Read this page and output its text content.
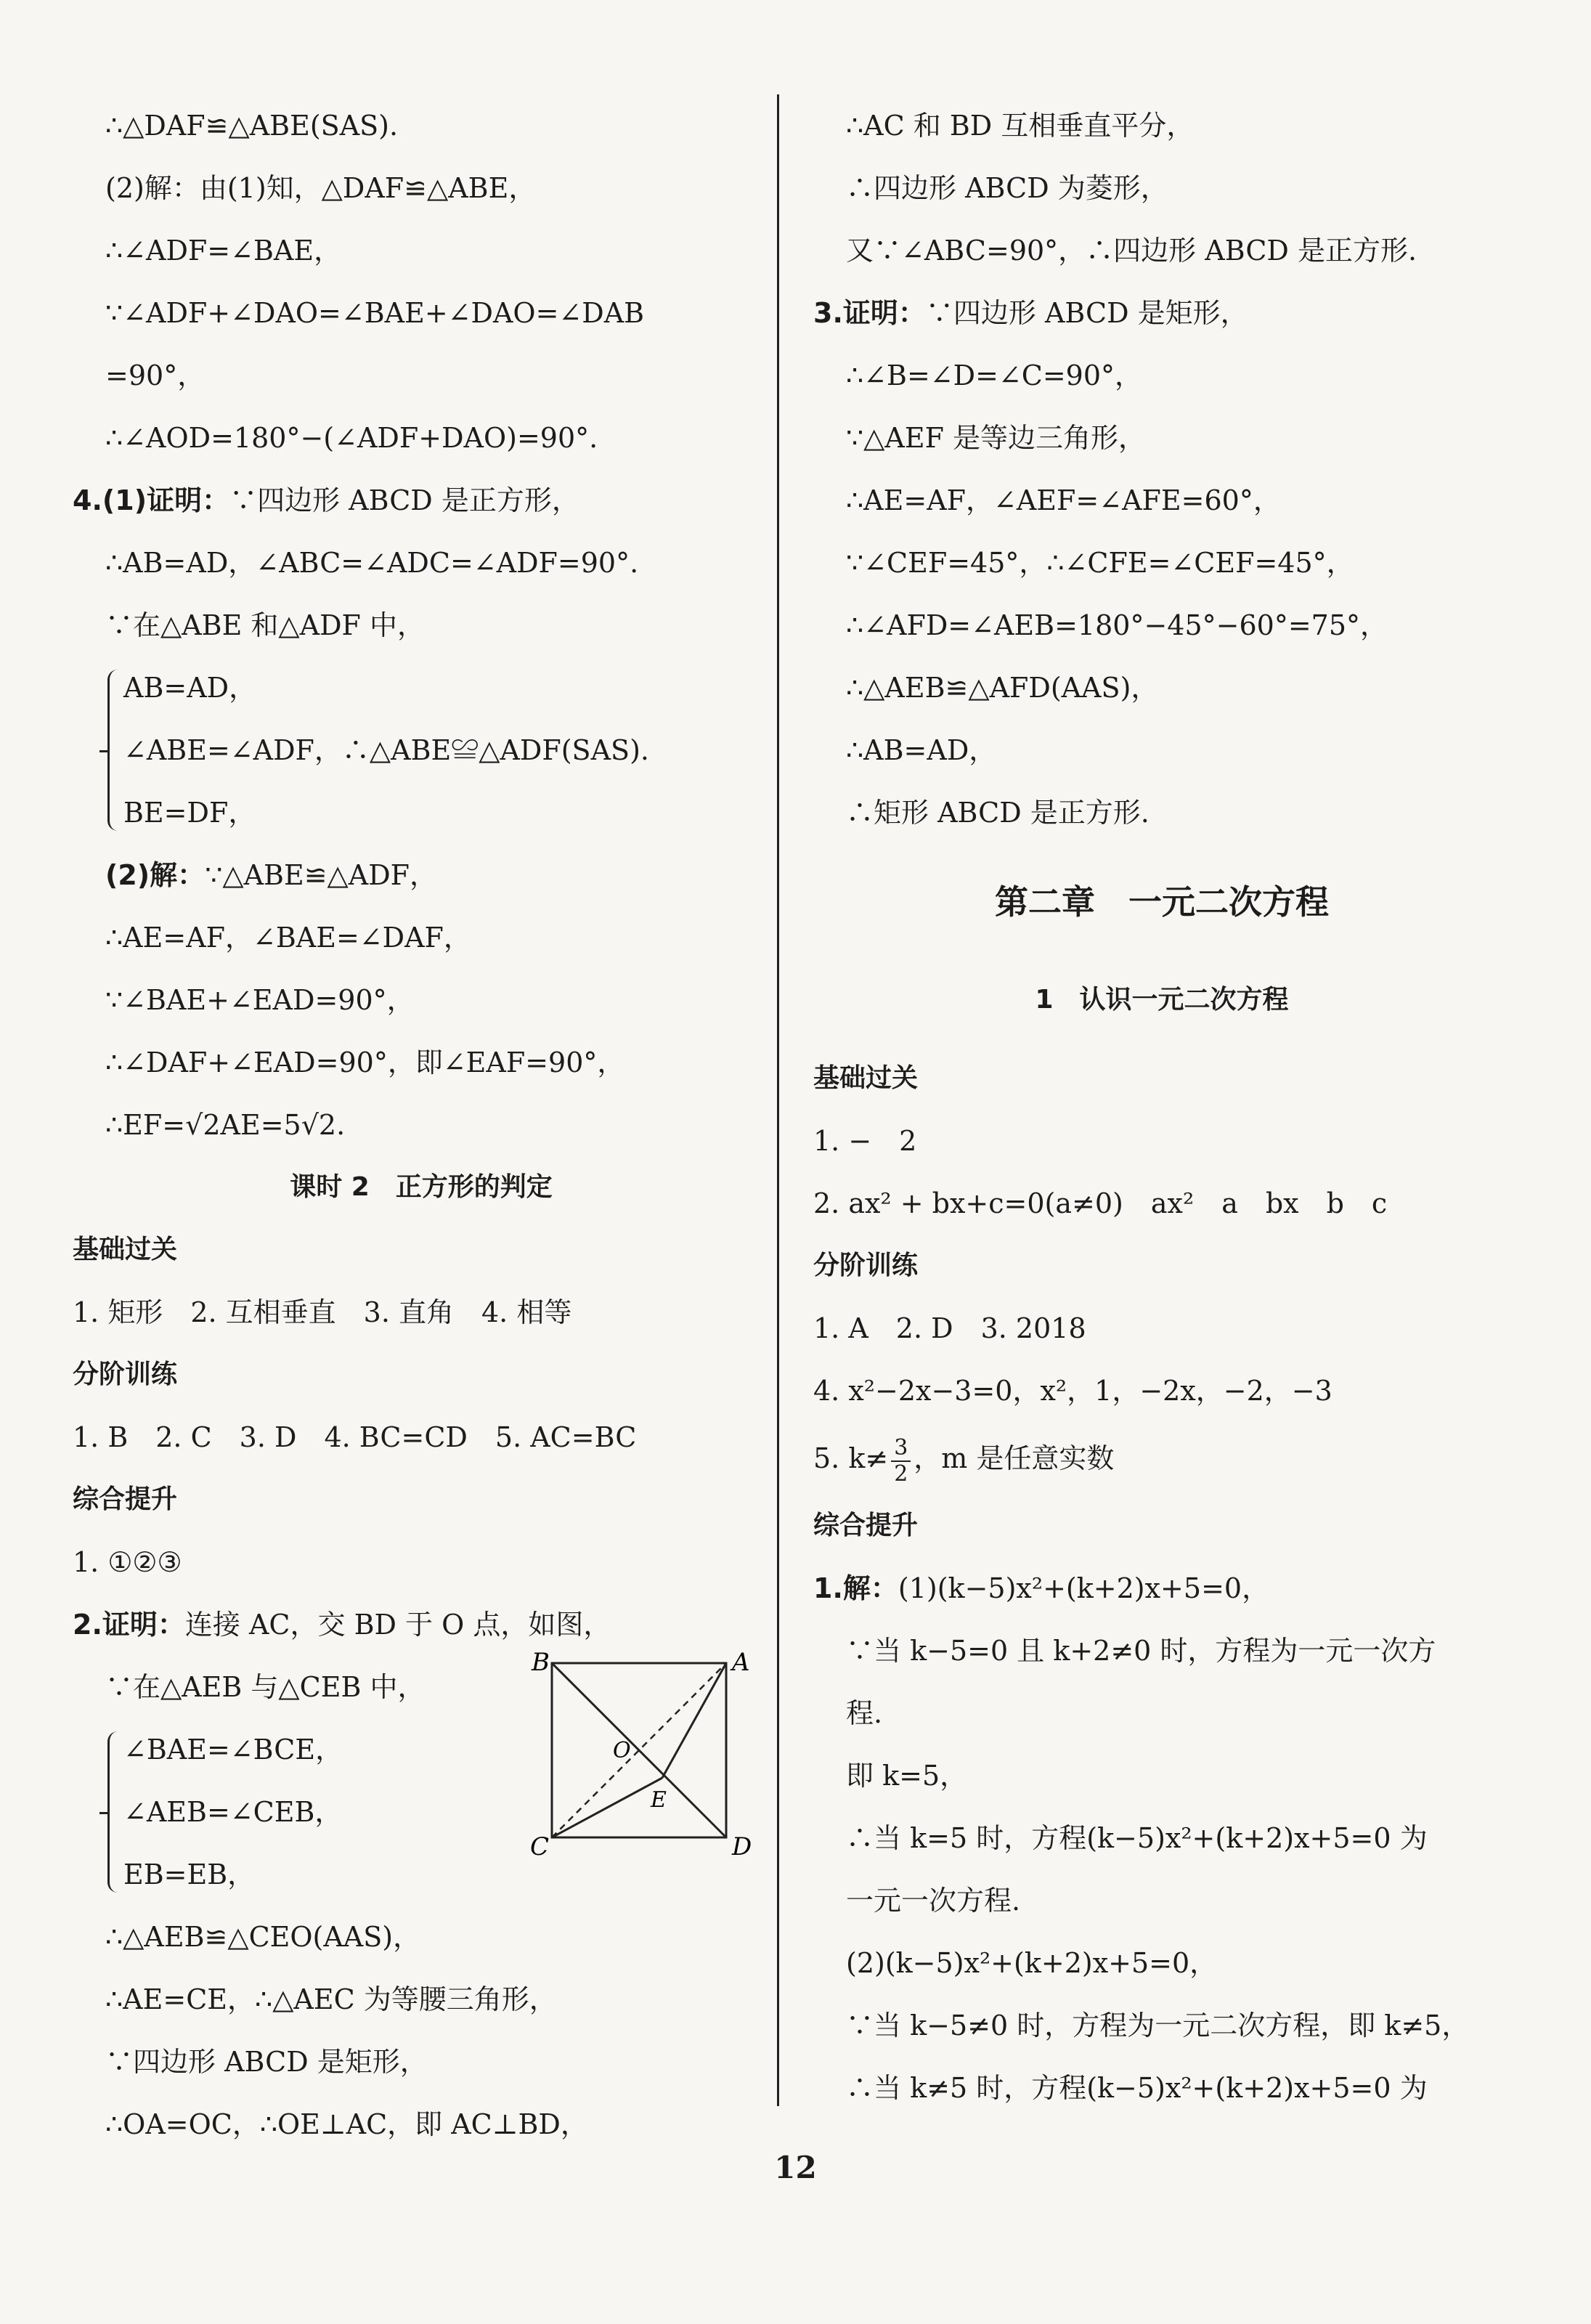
∴△DAF≌△ABE(SAS).
(2)解：由(1)知，△DAF≌△ABE，
∴∠ADF=∠BAE，
∵∠ADF+∠DAO=∠BAE+∠DAO=∠DAB
=90°，
∴∠AOD=180°−(∠ADF+DAO)=90°.
4.(1)证明：∵四边形 ABCD 是正方形，
∴AB=AD，∠ABC=∠ADC=∠ADF=90°.
∵在△ABE 和△ADF 中，
AB=AD，
∠ABE=∠ADF，∴△ABE≌△ADF(SAS).
BE=DF，
(2)解：∵△ABE≌△ADF，
∴AE=AF，∠BAE=∠DAF，
∵∠BAE+∠EAD=90°，
∴∠DAF+∠EAD=90°，即∠EAF=90°，
∴EF=√2AE=5√2.
课时 2　正方形的判定
基础过关
1. 矩形　2. 互相垂直　3. 直角　4. 相等
分阶训练
1. B　2. C　3. D　4. BC=CD　5. AC=BC
综合提升
1. ①②③
2.证明：连接 AC，交 BD 于 O 点，如图，
B	A
C	D
O
E
∵在△AEB 与△CEB 中，
∠BAE=∠BCE，
∠AEB=∠CEB，
EB=EB，
∴△AEB≌△CEO(AAS)，
∴AE=CE，∴△AEC 为等腰三角形，
∵四边形 ABCD 是矩形，
∴OA=OC，∴OE⊥AC，即 AC⊥BD，
∴AC 和 BD 互相垂直平分，
∴四边形 ABCD 为菱形，
又∵∠ABC=90°，∴四边形 ABCD 是正方形.
3.证明：∵四边形 ABCD 是矩形，
∴∠B=∠D=∠C=90°，
∵△AEF 是等边三角形，
∴AE=AF，∠AEF=∠AFE=60°，
∵∠CEF=45°，∴∠CFE=∠CEF=45°，
∴∠AFD=∠AEB=180°−45°−60°=75°，
∴△AEB≌△AFD(AAS)，
∴AB=AD，
∴矩形 ABCD 是正方形.
第二章　一元二次方程
1　认识一元二次方程
基础过关
1. −　2
2. ax² + bx+c=0(a≠0)　ax²　a　bx　b　c
分阶训练
1. A　2. D　3. 2018
4. x²−2x−3=0，x²，1，−2x，−2，−3
5. $k\ne \frac{3}{2}$ ，m 是任意实数
综合提升
1.解：(1)(k−5)x²+(k+2)x+5=0，
∵当 k−5=0 且 k+2≠0 时，方程为一元一次方
程.
即 k=5，
∴当 k=5 时，方程(k−5)x²+(k+2)x+5=0 为
一元一次方程.
(2)(k−5)x²+(k+2)x+5=0，
∵当 k−5≠0 时，方程为一元二次方程，即 k≠5，
∴当 k≠5 时，方程(k−5)x²+(k+2)x+5=0 为
12
